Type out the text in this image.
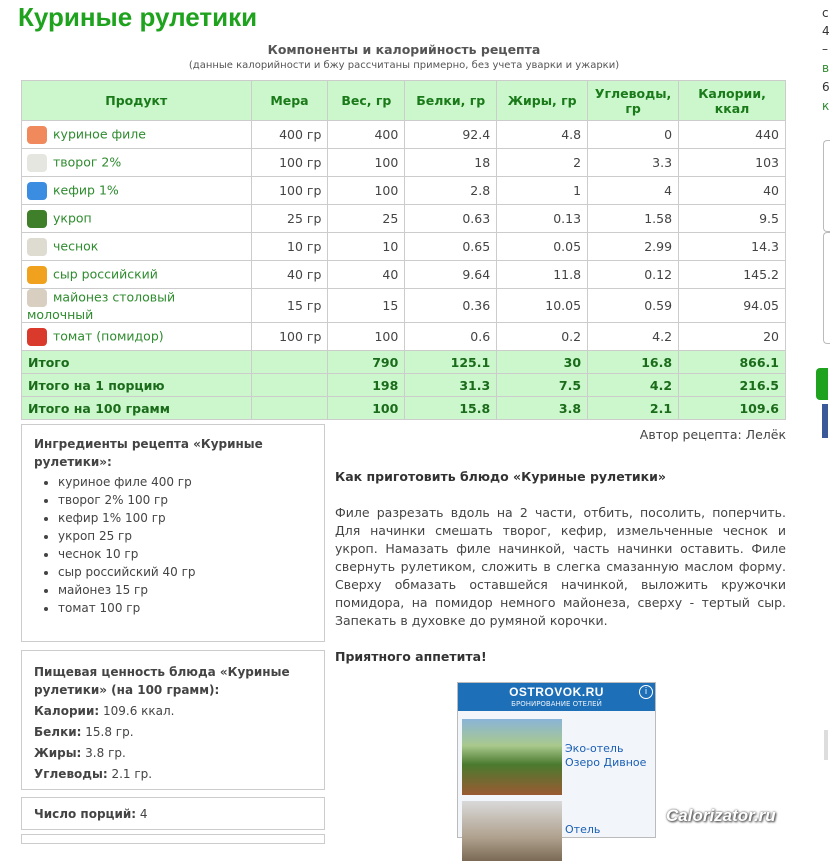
Куриные рулетики
Компоненты и калорийность рецепта
(данные калорийности и бжу рассчитаны примерно, без учета уварки и ужарки)
Продукт	Мера	Вес, гр	Белки, гр	Жиры, гр	Углеводы, гр	Калории, ккал
куриное филе	400 гр	400	92.4	4.8	0	440
творог 2%	100 гр	100	18	2	3.3	103
кефир 1%	100 гр	100	2.8	1	4	40
укроп	25 гр	25	0.63	0.13	1.58	9.5
чеснок	10 гр	10	0.65	0.05	2.99	14.3
сыр российский	40 гр	40	9.64	11.8	0.12	145.2
майонез столовый молочный	15 гр	15	0.36	10.05	0.59	94.05
томат (помидор)	100 гр	100	0.6	0.2	4.2	20
Итого		790	125.1	30	16.8	866.1
Итого на 1 порцию		198	31.3	7.5	4.2	216.5
Итого на 100 грамм		100	15.8	3.8	2.1	109.6
Ингредиенты рецепта «Куриные рулетики»:
• куриное филе 400 гр
• творог 2% 100 гр
• кефир 1% 100 гр
• укроп 25 гр
• чеснок 10 гр
• сыр российский 40 гр
• майонез 15 гр
• томат 100 гр
Пищевая ценность блюда «Куриные рулетики» (на 100 грамм):
Калории: 109.6 ккал.
Белки: 15.8 гр.
Жиры: 3.8 гр.
Углеводы: 2.1 гр.
Число порций: 4
Автор рецепта: Лелёк
Как приготовить блюдо «Куриные рулетики»

Филе разрезать вдоль на 2 части, отбить, посолить, поперчить. Для начинки смешать творог, кефир, измельченные чеснок и укроп. Намазать филе начинкой, часть начинки оставить. Филе свернуть рулетиком, сложить в слегка смазанную маслом форму. Сверху обмазать оставшейся начинкой, выложить кружочки помидора, на помидор немного майонеза, сверху - тертый сыр. Запекать в духовке до румяной корочки.

Приятного аппетита!
OSTROVOK.RU
БРОНИРОВАНИЕ ОТЕЛЕЙ
i
Эко-отель Озеро Дивное
Отель
Calorizator.ru
с
4
–
в
6
к
